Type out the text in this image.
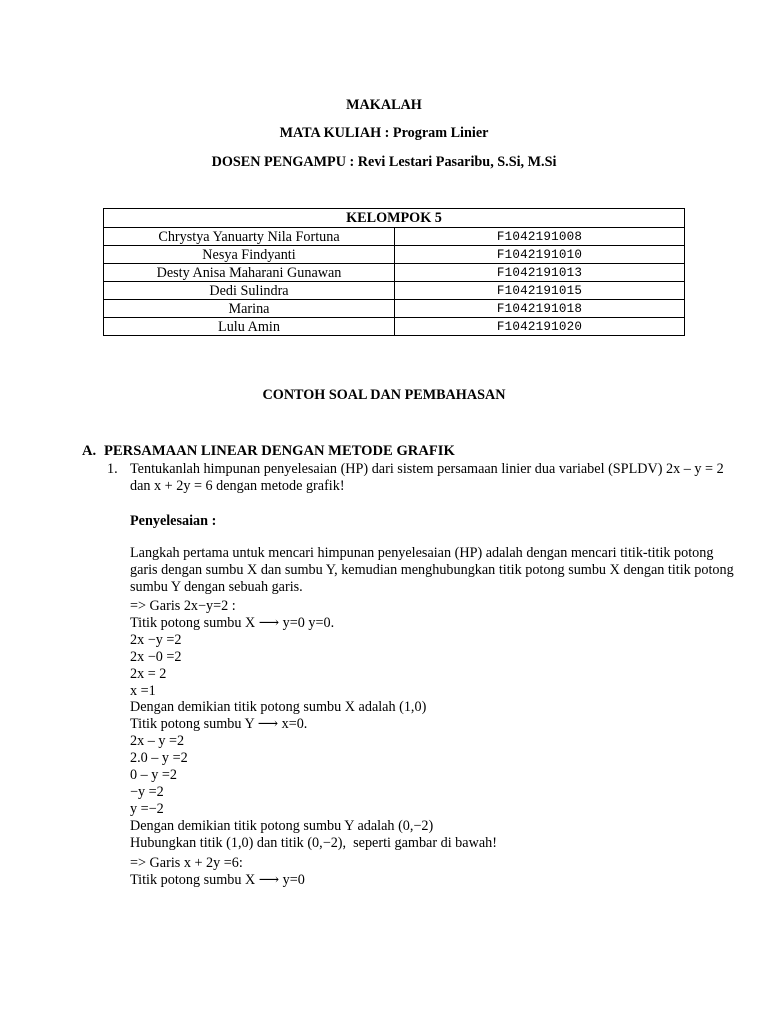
MAKALAH
MATA KULIAH : Program Linier
DOSEN PENGAMPU : Revi Lestari Pasaribu, S.Si, M.Si
KELOMPOK 5	
Chrystya Yanuarty Nila Fortuna	F1042191008
Nesya Findyanti	F1042191010
Desty Anisa Maharani Gunawan	F1042191013
Dedi Sulindra	F1042191015
Marina	F1042191018
Lulu Amin	F1042191020
CONTOH SOAL DAN PEMBAHASAN
A. PERSAMAAN LINEAR DENGAN METODE GRAFIK
1. Tentukanlah himpunan penyelesaian (HP) dari sistem persamaan linier dua variabel (SPLDV) 2x – y = 2 dan x + 2y = 6 dengan metode grafik!
Penyelesaian :
Langkah pertama untuk mencari himpunan penyelesaian (HP) adalah dengan mencari titik-titik potong garis dengan sumbu X dan sumbu Y, kemudian menghubungkan titik potong sumbu X dengan titik potong sumbu Y dengan sebuah garis.
=> Garis 2x−y=2 :
Titik potong sumbu X ⟶ y=0 y=0.
2x −y =2
2x −0 =2
2x = 2
x =1
Dengan demikian titik potong sumbu X adalah (1,0)
Titik potong sumbu Y ⟶ x=0.
2x – y =2
2.0 – y =2
0 – y =2
−y =2
y =−2
Dengan demikian titik potong sumbu Y adalah (0,−2)
Hubungkan titik (1,0) dan titik (0,−2),  seperti gambar di bawah!
=> Garis x + 2y =6:
Titik potong sumbu X ⟶ y=0
